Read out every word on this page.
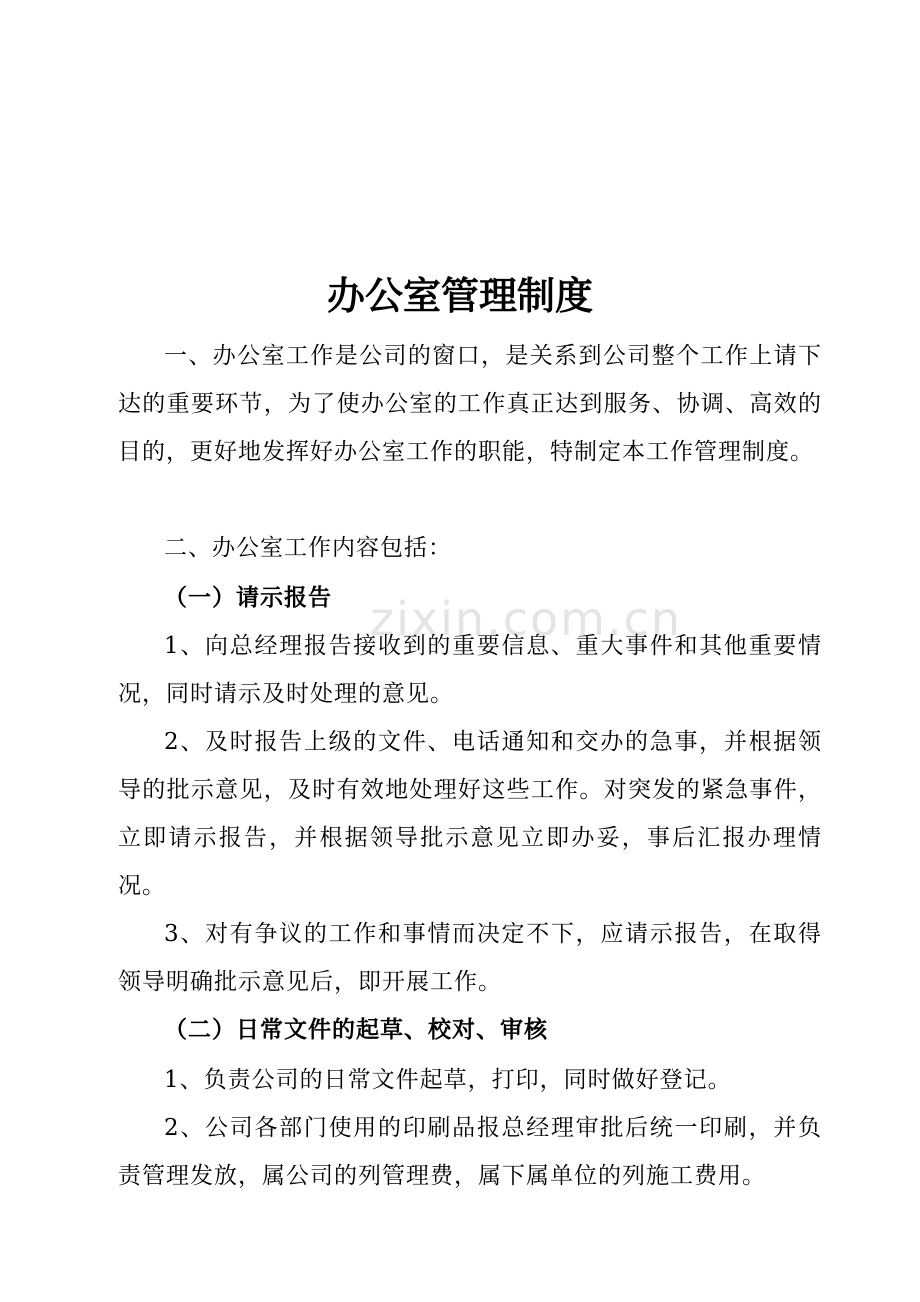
zixin.com.cn
办公室管理制度
一、办公室工作是公司的窗口，是关系到公司整个工作上请下达的重要环节，为了使办公室的工作真正达到服务、协调、高效的目的，更好地发挥好办公室工作的职能，特制定本工作管理制度。
二、办公室工作内容包括：
（一）请示报告
1、向总经理报告接收到的重要信息、重大事件和其他重要情况，同时请示及时处理的意见。
2、及时报告上级的文件、电话通知和交办的急事，并根据领导的批示意见，及时有效地处理好这些工作。对突发的紧急事件，立即请示报告，并根据领导批示意见立即办妥，事后汇报办理情况。
3、对有争议的工作和事情而决定不下，应请示报告，在取得领导明确批示意见后，即开展工作。
（二）日常文件的起草、校对、审核
1、负责公司的日常文件起草，打印，同时做好登记。
2、公司各部门使用的印刷品报总经理审批后统一印刷，并负责管理发放，属公司的列管理费，属下属单位的列施工费用。
